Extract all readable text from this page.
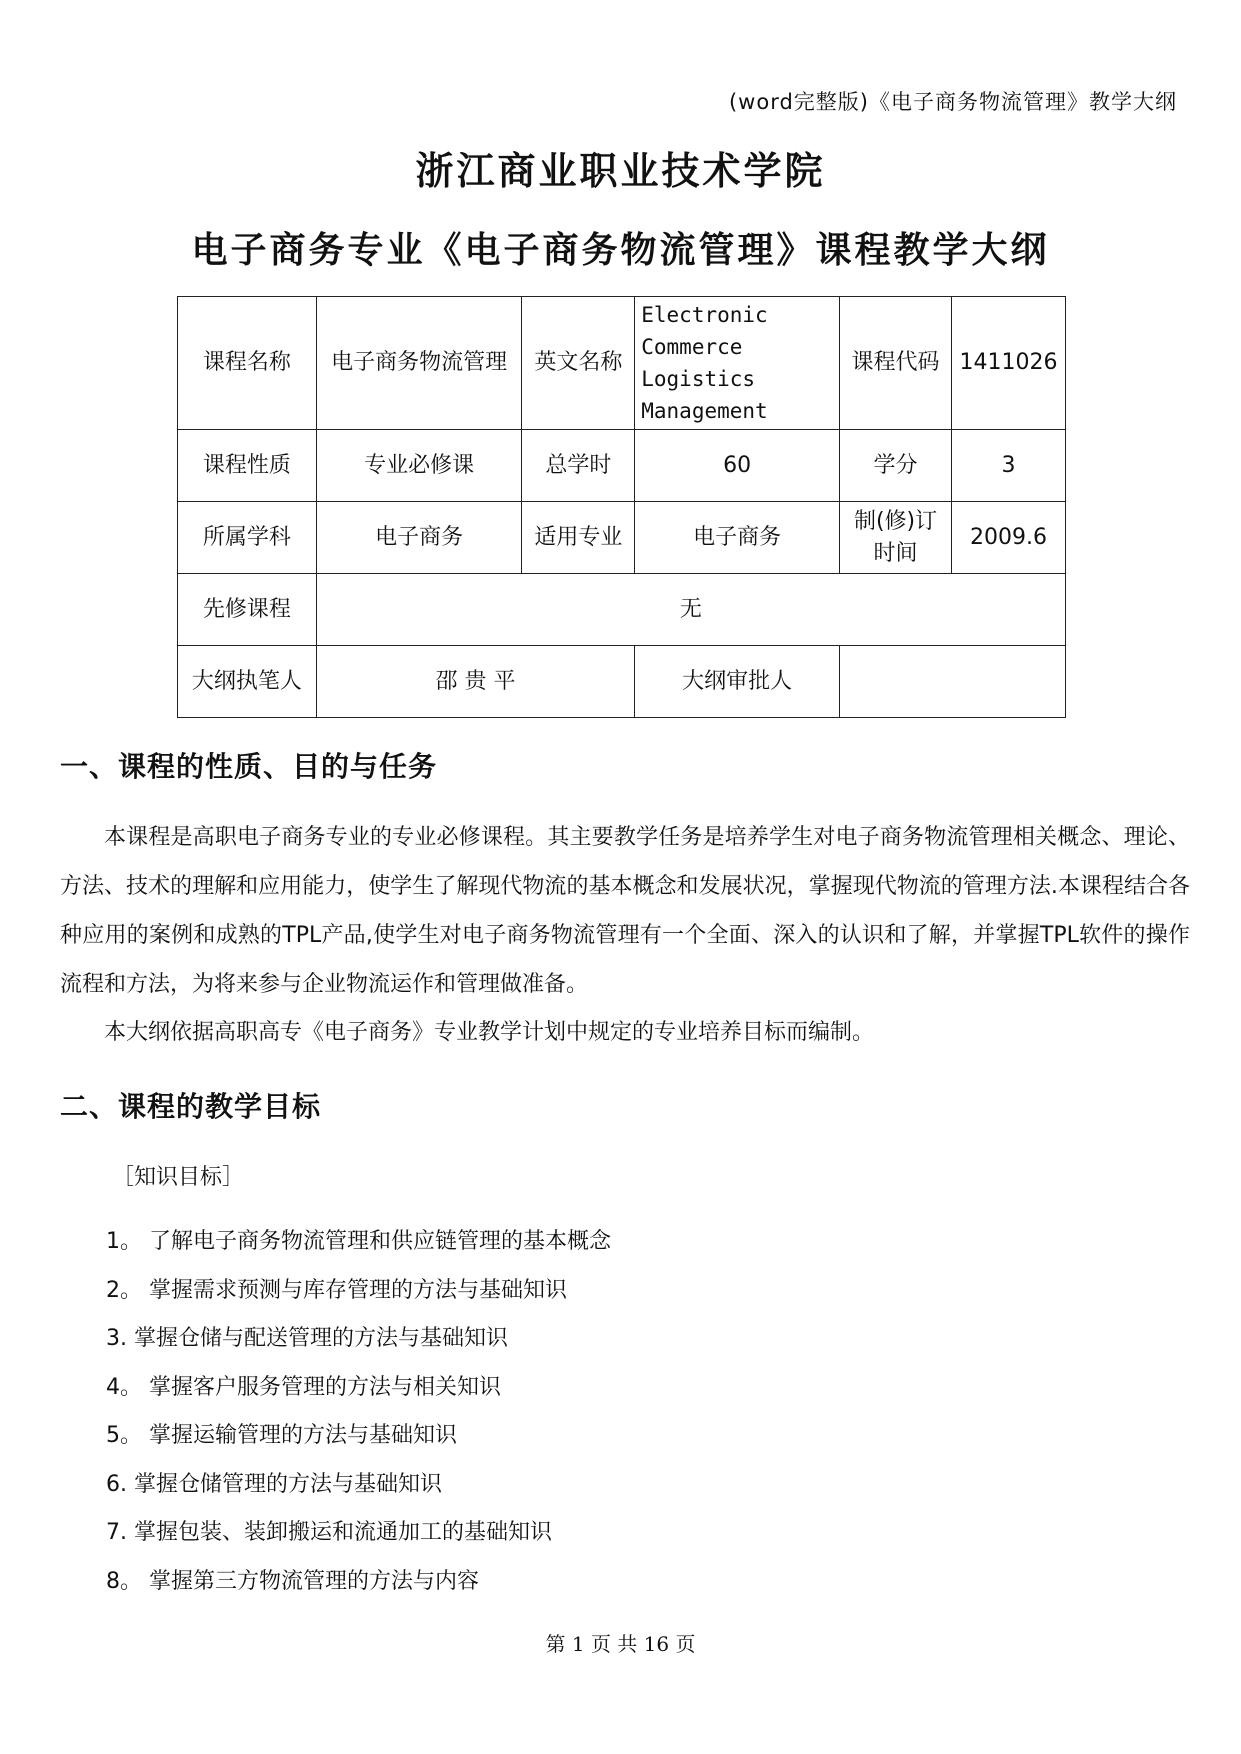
(word完整版)《电子商务物流管理》教学大纲
浙江商业职业技术学院
电子商务专业《电子商务物流管理》课程教学大纲
课程名称	电子商务物流管理	英文名称	Electronic Commerce Logistics Management	课程代码	1411026
课程性质	专业必修课	总学时	60	学分	3
所属学科	电子商务	适用专业	电子商务	制(修)订时间	2009.6
先修课程	无				
大纲执笔人	邵 贵 平		大纲审批人		
一、课程的性质、目的与任务
本课程是高职电子商务专业的专业必修课程。其主要教学任务是培养学生对电子商务物流管理相关概念、理论、方法、技术的理解和应用能力，使学生了解现代物流的基本概念和发展状况，掌握现代物流的管理方法.本课程结合各种应用的案例和成熟的TPL产品,使学生对电子商务物流管理有一个全面、深入的认识和了解，并掌握TPL软件的操作流程和方法，为将来参与企业物流运作和管理做准备。
本大纲依据高职高专《电子商务》专业教学计划中规定的专业培养目标而编制。
二、课程的教学目标
［知识目标］
1。 了解电子商务物流管理和供应链管理的基本概念
2。 掌握需求预测与库存管理的方法与基础知识
3. 掌握仓储与配送管理的方法与基础知识
4。 掌握客户服务管理的方法与相关知识
5。 掌握运输管理的方法与基础知识
6. 掌握仓储管理的方法与基础知识
7. 掌握包装、装卸搬运和流通加工的基础知识
8。 掌握第三方物流管理的方法与内容
第 1 页 共 16 页
